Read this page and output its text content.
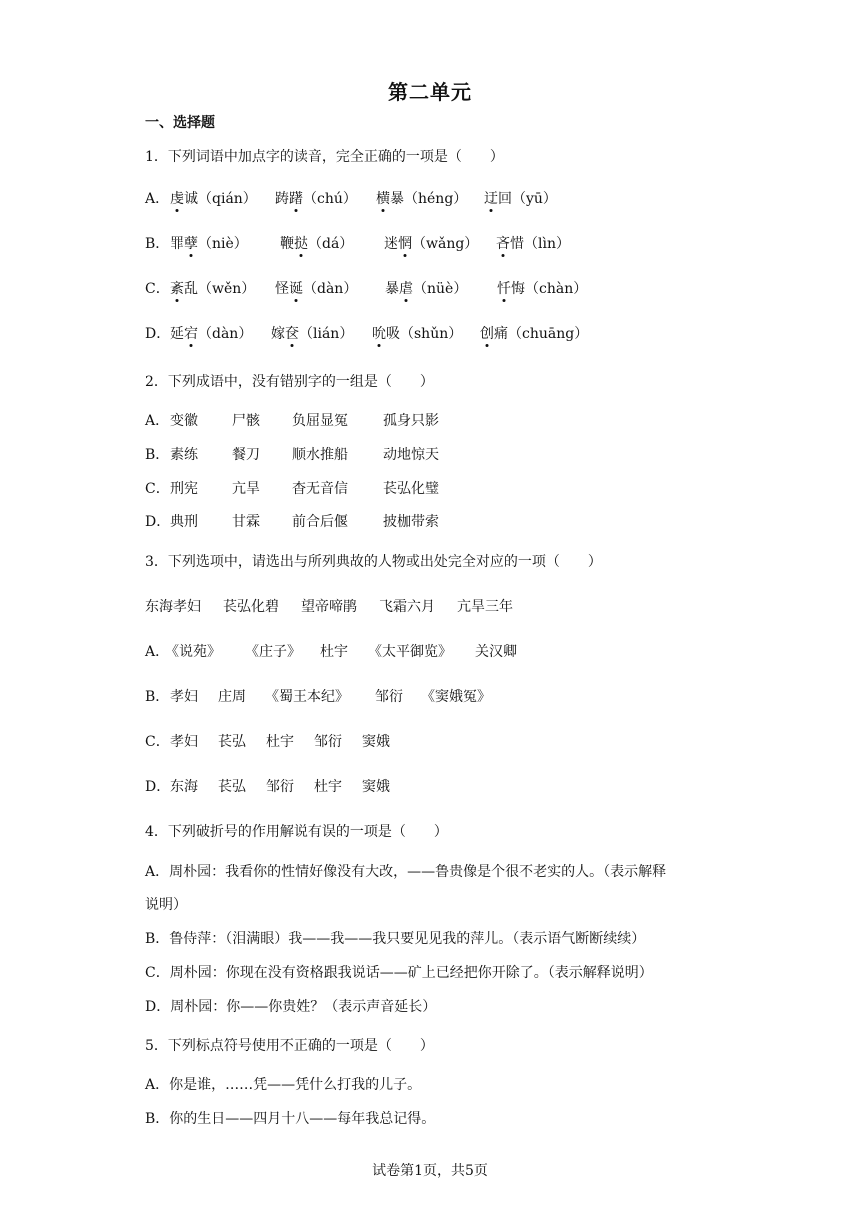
第二单元
一、选择题
1．下列词语中加点字的读音，完全正确的一项是（　　）
A． 虔诚（qián） 踌躇（chú） 横暴（héng） 迂回（yū）
B． 罪孽（niè） 鞭挞（dá） 迷惘（wǎng） 吝惜（lìn）
C． 紊乱（wěn） 怪诞（dàn） 暴虐（nüè） 忏悔（chàn）
D． 延宕（dàn） 嫁奁（lián） 吮吸（shǔn） 创痛（chuāng）
2．下列成语中，没有错别字的一组是（　　）
A． 变徽 尸骸 负屈显冤	孤身只影
B． 素练 餐刀 顺水推船	动地惊天
C． 刑宪 亢旱 杳无音信	苌弘化璧
D． 典刑 甘霖 前合后偃	披枷带索
3．下列选项中，请选出与所列典故的人物或出处完全对应的一项（　　）
东海孝妇 苌弘化碧 望帝啼鹃 飞霜六月 亢旱三年
A．
《说苑》 《庄子》 杜宇 《太平御览》 关汉卿
B． 孝妇 庄周 《蜀王本纪》 邹衍 《窦娥冤》
C． 孝妇 苌弘 杜宇 邹衍 窦娥
D． 东海 苌弘 邹衍 杜宇 窦娥
4．下列破折号的作用解说有误的一项是（　　）
A．周朴园：我看你的性情好像没有大改，——鲁贵像是个很不老实的人。（表示解释
说明）
B．鲁侍萍：（泪满眼）我——我——我只要见见我的萍儿。（表示语气断断续续）
C．周朴园：你现在没有资格跟我说话——矿上已经把你开除了。（表示解释说明）
D．周朴园：你——你贵姓？（表示声音延长）
5．下列标点符号使用不正确的一项是（　　）
A．你是谁，……凭——凭什么打我的儿子。
B．你的生日——四月十八——每年我总记得。
试卷第1页，共5页
